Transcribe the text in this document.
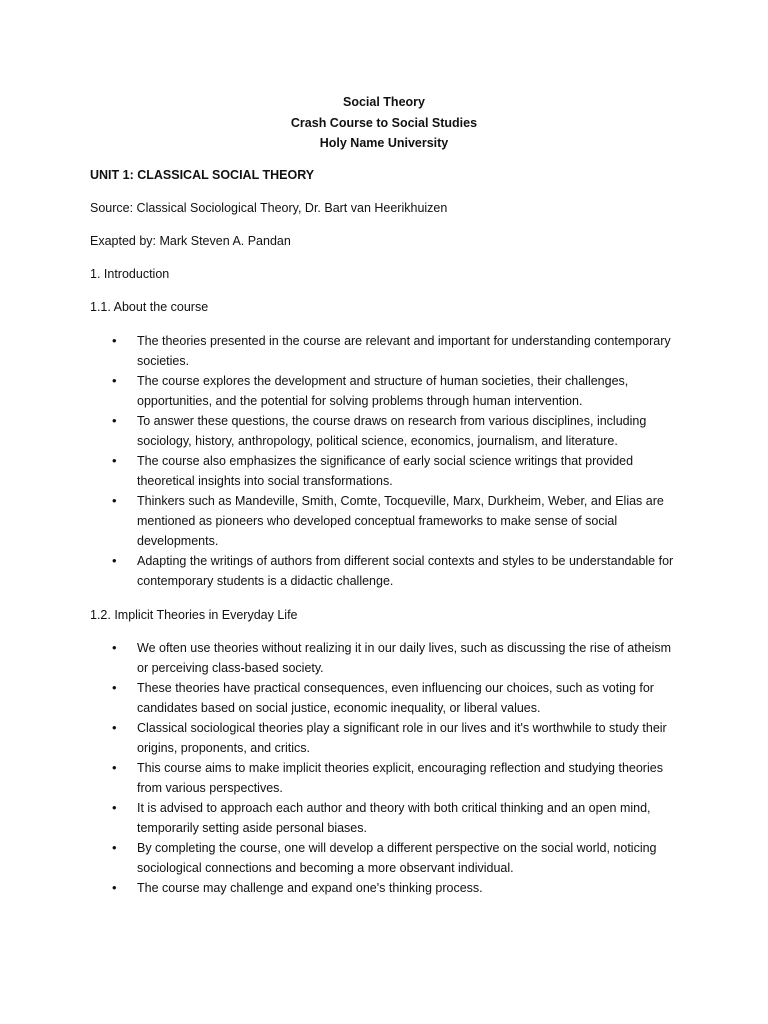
Social Theory
Crash Course to Social Studies
Holy Name University
UNIT 1: CLASSICAL SOCIAL THEORY
Source: Classical Sociological Theory, Dr. Bart van Heerikhuizen
Exapted by: Mark Steven A. Pandan
1. Introduction
1.1. About the course
• The theories presented in the course are relevant and important for understanding contemporary societies.
• The course explores the development and structure of human societies, their challenges, opportunities, and the potential for solving problems through human intervention.
• To answer these questions, the course draws on research from various disciplines, including sociology, history, anthropology, political science, economics, journalism, and literature.
• The course also emphasizes the significance of early social science writings that provided theoretical insights into social transformations.
• Thinkers such as Mandeville, Smith, Comte, Tocqueville, Marx, Durkheim, Weber, and Elias are mentioned as pioneers who developed conceptual frameworks to make sense of social developments.
• Adapting the writings of authors from different social contexts and styles to be understandable for contemporary students is a didactic challenge.
1.2. Implicit Theories in Everyday Life
• We often use theories without realizing it in our daily lives, such as discussing the rise of atheism or perceiving class-based society.
• These theories have practical consequences, even influencing our choices, such as voting for candidates based on social justice, economic inequality, or liberal values.
• Classical sociological theories play a significant role in our lives and it's worthwhile to study their origins, proponents, and critics.
• This course aims to make implicit theories explicit, encouraging reflection and studying theories from various perspectives.
• It is advised to approach each author and theory with both critical thinking and an open mind, temporarily setting aside personal biases.
• By completing the course, one will develop a different perspective on the social world, noticing sociological connections and becoming a more observant individual.
• The course may challenge and expand one's thinking process.
